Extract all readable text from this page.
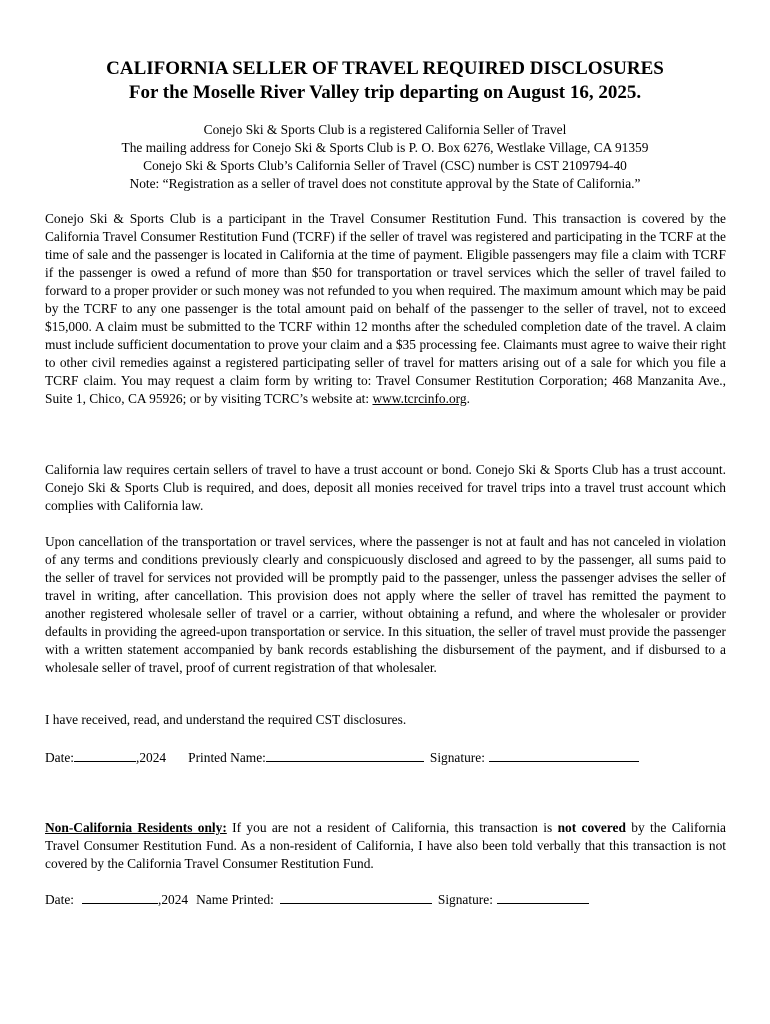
CALIFORNIA SELLER OF TRAVEL REQUIRED DISCLOSURES
For the Moselle River Valley trip departing on August 16, 2025.
Conejo Ski & Sports Club is a registered California Seller of Travel
The mailing address for Conejo Ski & Sports Club is P. O. Box 6276, Westlake Village, CA 91359
Conejo Ski & Sports Club’s California Seller of Travel (CSC) number is CST 2109794-40
Note: “Registration as a seller of travel does not constitute approval by the State of California.”

Conejo Ski & Sports Club is a participant in the Travel Consumer Restitution Fund. This transaction is covered by the California Travel Consumer Restitution Fund (TCRF) if the seller of travel was registered and participating in the TCRF at the time of sale and the passenger is located in California at the time of payment. Eligible passengers may file a claim with TCRF if the passenger is owed a refund of more than $50 for transportation or travel services which the seller of travel failed to forward to a proper provider or such money was not refunded to you when required. The maximum amount which may be paid by the TCRF to any one passenger is the total amount paid on behalf of the passenger to the seller of travel, not to exceed $15,000. A claim must be submitted to the TCRF within 12 months after the scheduled completion date of the travel. A claim must include sufficient documentation to prove your claim and a $35 processing fee. Claimants must agree to waive their right to other civil remedies against a registered participating seller of travel for matters arising out of a sale for which you file a TCRF claim. You may request a claim form by writing to: Travel Consumer Restitution Corporation; 468 Manzanita Ave., Suite 1, Chico, CA 95926; or by visiting TCRC’s website at: www.tcrcinfo.org.

California law requires certain sellers of travel to have a trust account or bond. Conejo Ski & Sports Club has a trust account. Conejo Ski & Sports Club is required, and does, deposit all monies received for travel trips into a travel trust account which complies with California law.

Upon cancellation of the transportation or travel services, where the passenger is not at fault and has not canceled in violation of any terms and conditions previously clearly and conspicuously disclosed and agreed to by the passenger, all sums paid to the seller of travel for services not provided will be promptly paid to the passenger, unless the passenger advises the seller of travel in writing, after cancellation. This provision does not apply where the seller of travel has remitted the payment to another registered wholesale seller of travel or a carrier, without obtaining a refund, and where the wholesaler or provider defaults in providing the agreed-upon transportation or service. In this situation, the seller of travel must provide the passenger with a written statement accompanied by bank records establishing the disbursement of the payment, and if disbursed to a wholesale seller of travel, proof of current registration of that wholesaler.

I have received, read, and understand the required CST disclosures.

Date:	,2024 Printed Name:	Signature:

Non-California Residents only: If you are not a resident of California, this transaction is not covered by the California Travel Consumer Restitution Fund. As a non-resident of California, I have also been told verbally that this transaction is not covered by the California Travel Consumer Restitution Fund.

Date:	,2024 Name Printed:	Signature:
